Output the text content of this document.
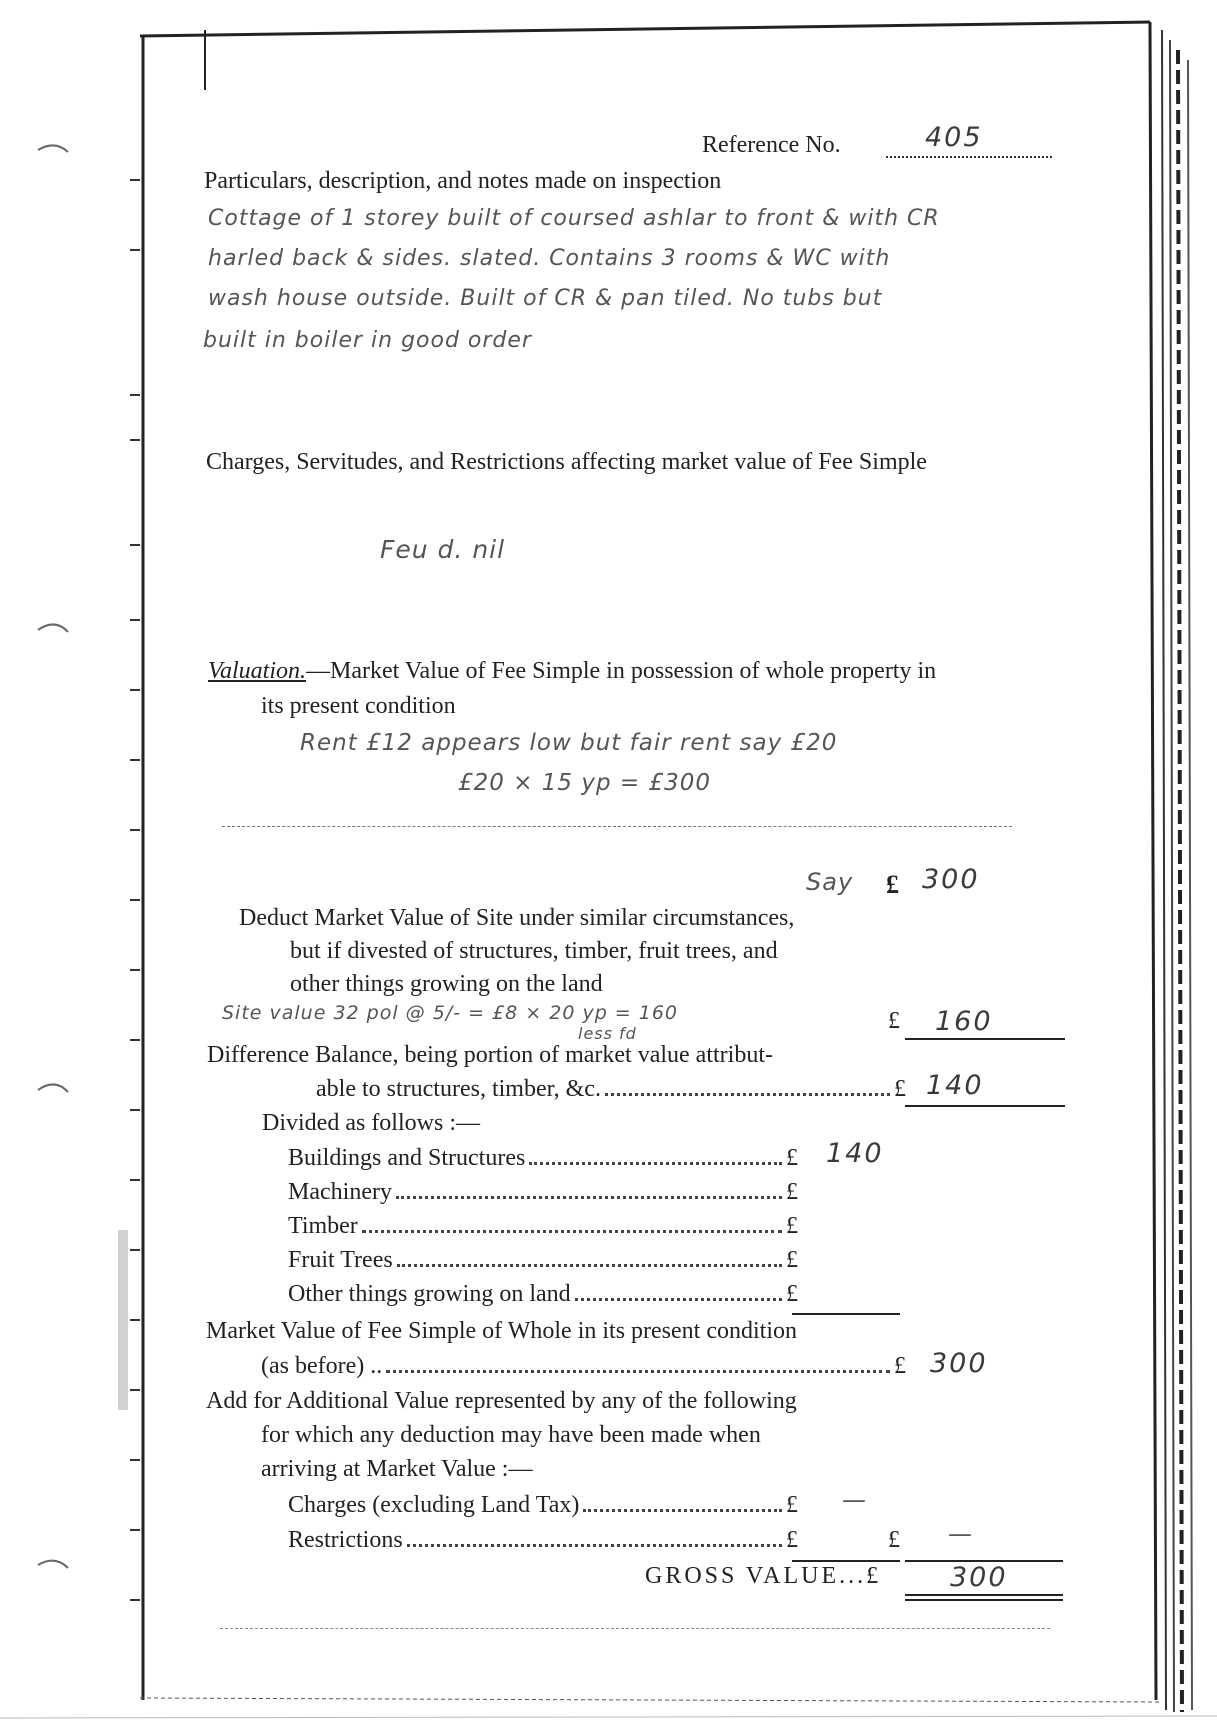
Reference No.	405
Particulars, description, and notes made on inspection
Cottage of 1 storey built of coursed ashlar to front & with CR
harled back & sides. slated. Contains 3 rooms & WC with
wash house outside. Built of CR & pan tiled. No tubs but
built in boiler in good order
Charges, Servitudes, and Restrictions affecting market value of Fee Simple
Feu d. nil
Valuation.—Market Value of Fee Simple in possession of whole property in
its present condition
Rent £12 appears low but fair rent say £20
£20 × 15 yp = £300
Say £ 300
Deduct Market Value of Site under similar circumstances,
but if divested of structures, timber, fruit trees, and
other things growing on the land
Site value 32 pol @ 5/- = £8 × 20 yp = 160
less fd	£ 160
Difference Balance, being portion of market value attribut-
able to structures, timber, &c.	£ 140
Divided as follows :—
Buildings and Structures	£ 140
Machinery	£
Timber	£
Fruit Trees	£
Other things growing on land	£
Market Value of Fee Simple of Whole in its present condition
(as before) ..	£ 300
Add for Additional Value represented by any of the following
for which any deduction may have been made when
arriving at Market Value :—
Charges (excluding Land Tax)	£ —
Restrictions	£	£ —
GROSS VALUE...£	300
